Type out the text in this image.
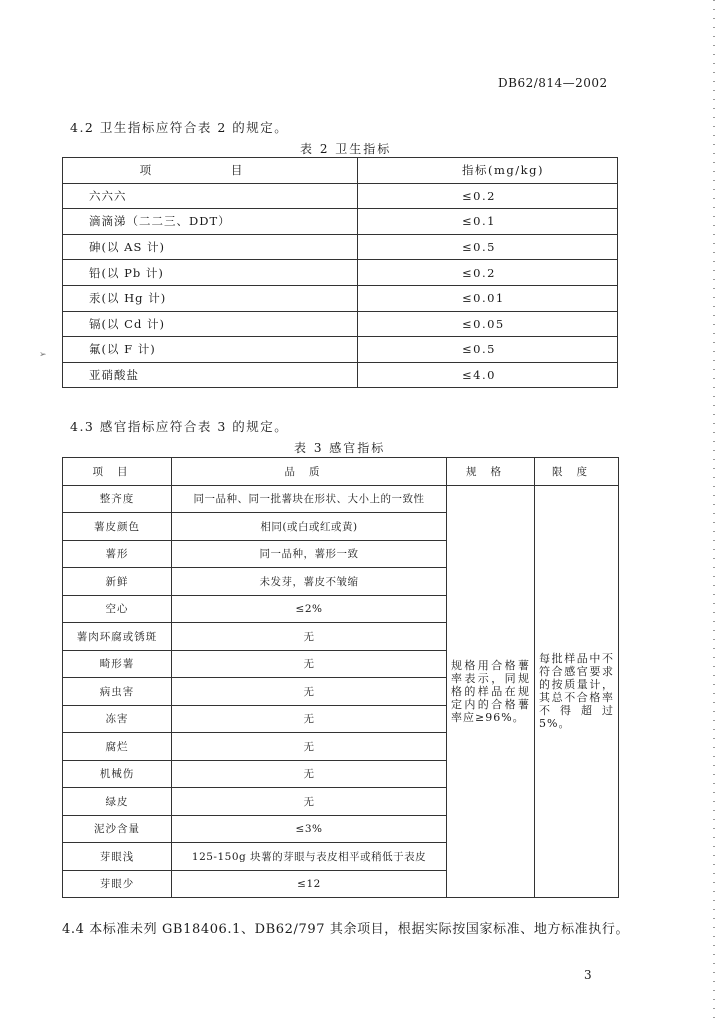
➢
DB62/814—2002
4.2 卫生指标应符合表 2 的规定。
表 2 卫生指标
项 目	指标(mg/kg)
六六六	≤0.2
滴滴涕（二二三、DDT）	≤0.1
砷(以 AS 计)	≤0.5
铅(以 Pb 计)	≤0.2
汞(以 Hg 计)	≤0.01
镉(以 Cd 计)	≤0.05
氟(以 F 计)	≤0.5
亚硝酸盐	≤4.0
4.3 感官指标应符合表 3 的规定。
表 3 感官指标
项目	品质	规格	限度
整齐度	同一品种、同一批薯块在形状、大小上的一致性	规格用合格薯率表示，同规格的样品在规定内的合格薯率应≥96%。	每批样品中不符合感官要求的按质量计，其总不合格率不得超过 5%。

薯皮颜色	相同(或白或红或黄)		
薯形	同一品种，薯形一致		
新鲜	未发芽，薯皮不皱缩		
空心	≤2%		
薯肉环腐或锈斑	无		
畸形薯	无		
病虫害	无		
冻害	无		
腐烂	无		
机械伤	无		
绿皮	无		
泥沙含量	≤3%		
芽眼浅	125-150g 块薯的芽眼与表皮相平或稍低于表皮		
芽眼少	≤12		
4.4 本标准未列 GB18406.1、DB62/797 其余项目，根据实际按国家标准、地方标准执行。
3
